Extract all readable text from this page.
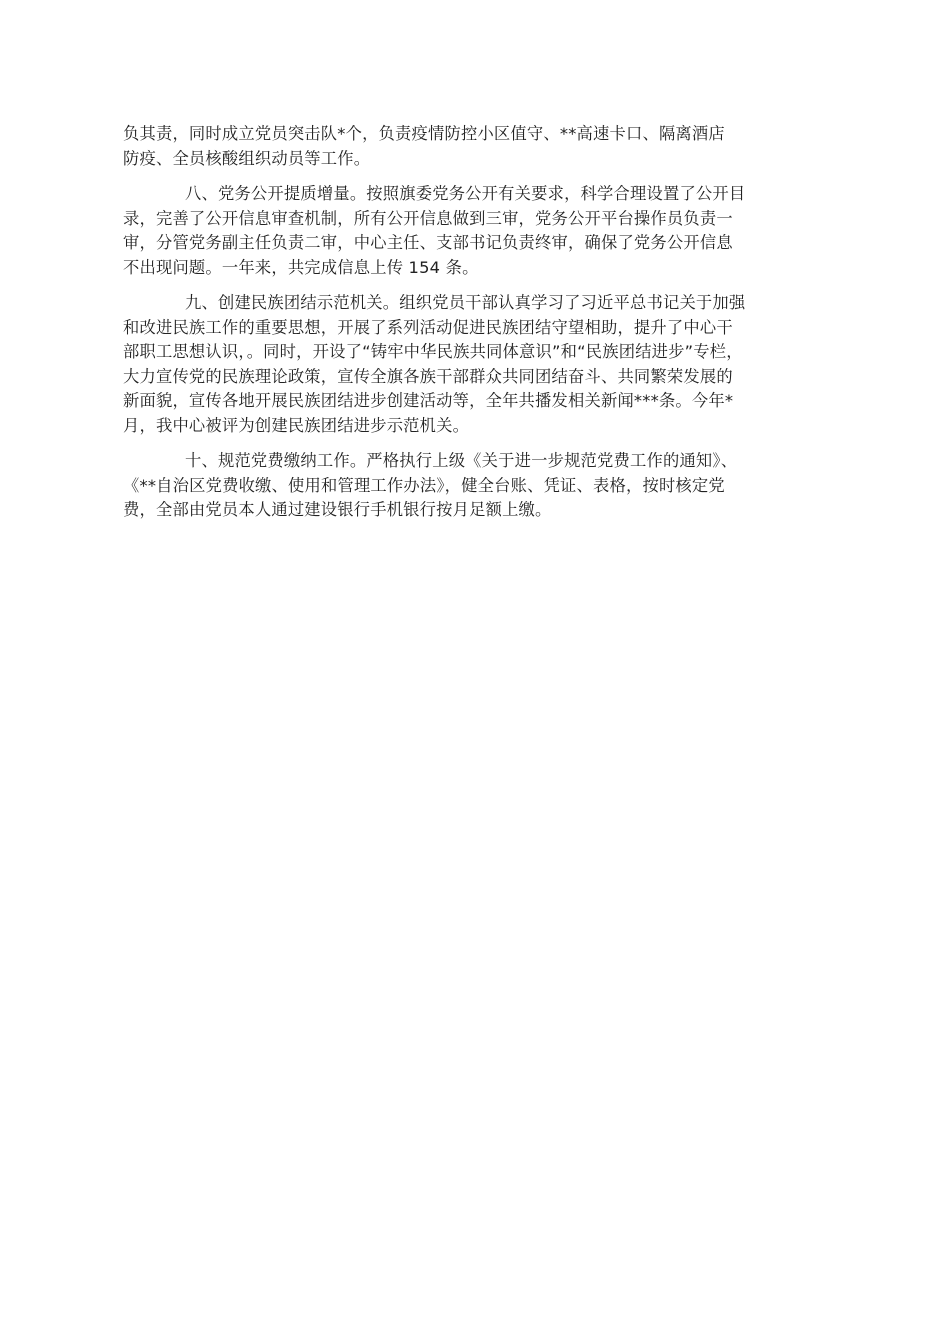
负其责，同时成立党员突击队*个，负责疫情防控小区值守、**高速卡口、隔离酒店
防疫、全员核酸组织动员等工作。
八、党务公开提质增量。按照旗委党务公开有关要求，科学合理设置了公开目
录，完善了公开信息审查机制，所有公开信息做到三审，党务公开平台操作员负责一
审，分管党务副主任负责二审，中心主任、支部书记负责终审，确保了党务公开信息
不出现问题。一年来，共完成信息上传 154 条。
九、创建民族团结示范机关。组织党员干部认真学习了习近平总书记关于加强
和改进民族工作的重要思想，开展了系列活动促进民族团结守望相助，提升了中心干
部职工思想认识，。同时，开设了“铸牢中华民族共同体意识”和“民族团结进步”专栏，
大力宣传党的民族理论政策，宣传全旗各族干部群众共同团结奋斗、共同繁荣发展的
新面貌，宣传各地开展民族团结进步创建活动等，全年共播发相关新闻***条。今年*
月，我中心被评为创建民族团结进步示范机关。
十、规范党费缴纳工作。严格执行上级《关于进一步规范党费工作的通知》、
《**自治区党费收缴、使用和管理工作办法》，健全台账、凭证、表格，按时核定党
费，全部由党员本人通过建设银行手机银行按月足额上缴。
